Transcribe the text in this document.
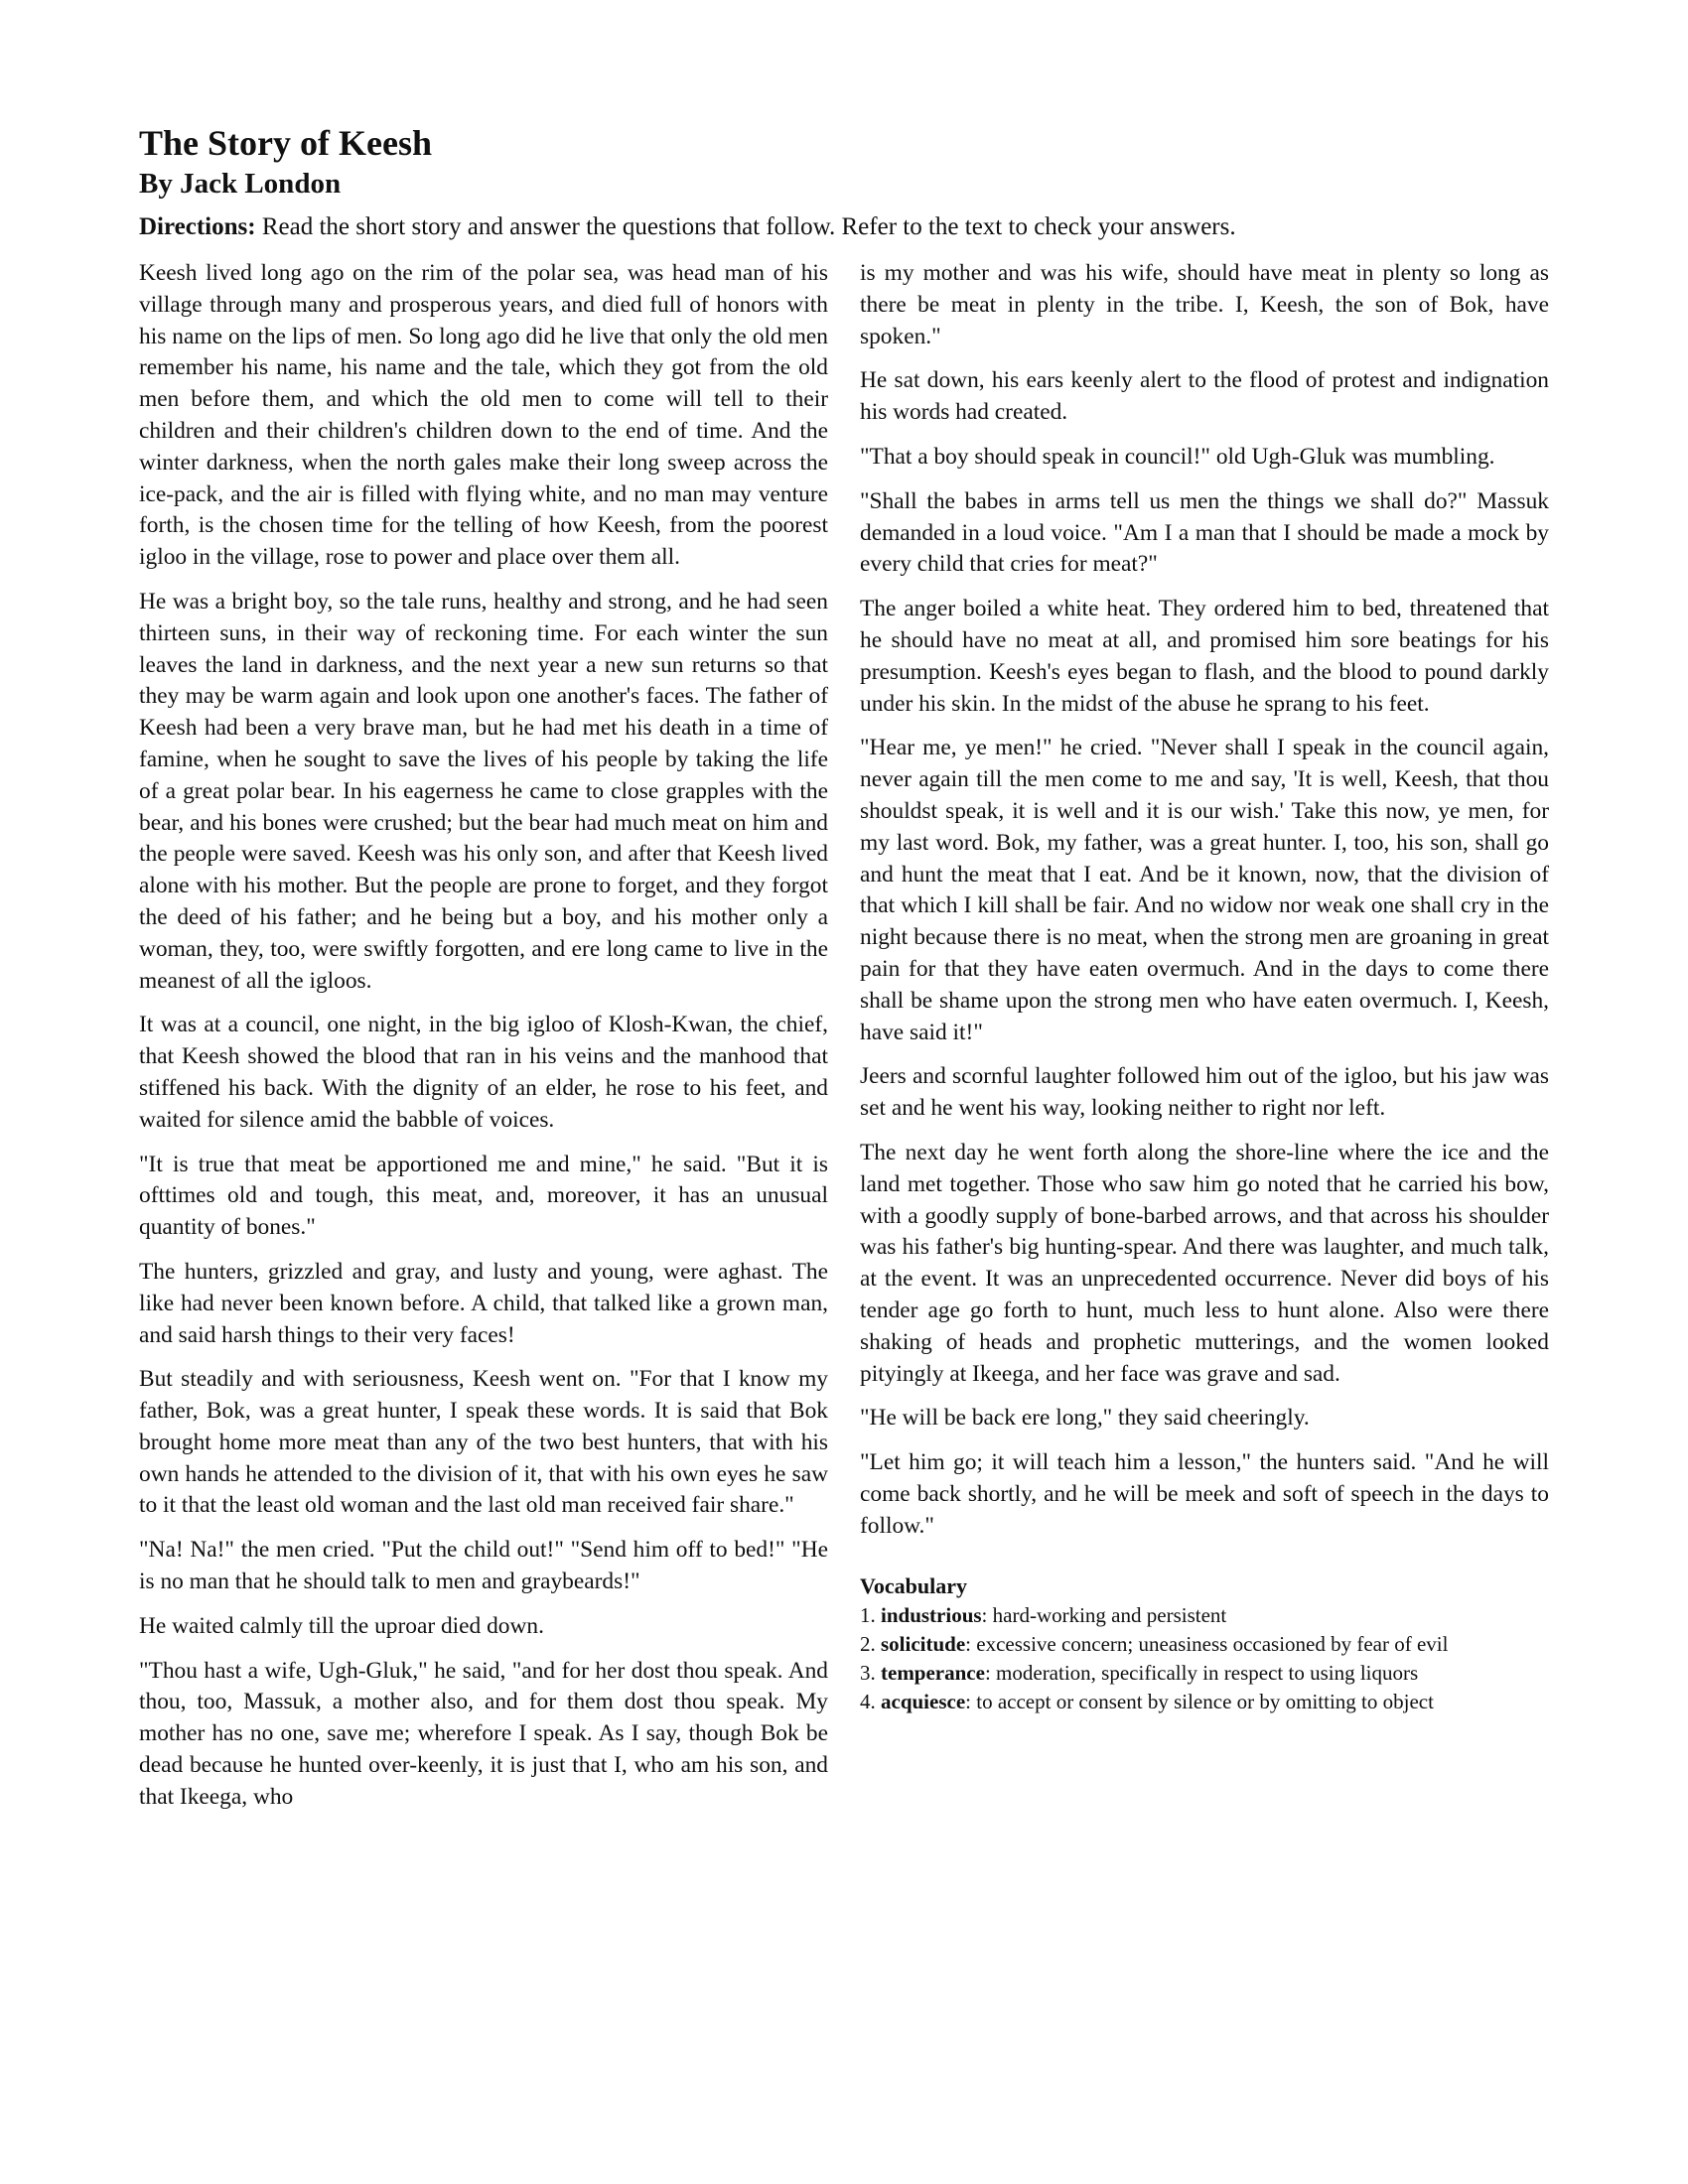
The Story of Keesh
By Jack London
Directions: Read the short story and answer the questions that follow. Refer to the text to check your answers.

Keesh lived long ago on the rim of the polar sea, was head man of his village through many and prosperous years, and died full of honors with his name on the lips of men. So long ago did he live that only the old men remember his name, his name and the tale, which they got from the old men before them, and which the old men to come will tell to their children and their children's children down to the end of time. And the winter darkness, when the north gales make their long sweep across the ice-pack, and the air is filled with flying white, and no man may venture forth, is the chosen time for the telling of how Keesh, from the poorest igloo in the village, rose to power and place over them all.

He was a bright boy, so the tale runs, healthy and strong, and he had seen thirteen suns, in their way of reckoning time. For each winter the sun leaves the land in darkness, and the next year a new sun returns so that they may be warm again and look upon one another's faces. The father of Keesh had been a very brave man, but he had met his death in a time of famine, when he sought to save the lives of his people by taking the life of a great polar bear. In his eagerness he came to close grapples with the bear, and his bones were crushed; but the bear had much meat on him and the people were saved. Keesh was his only son, and after that Keesh lived alone with his mother. But the people are prone to forget, and they forgot the deed of his father; and he being but a boy, and his mother only a woman, they, too, were swiftly forgotten, and ere long came to live in the meanest of all the igloos.

It was at a council, one night, in the big igloo of Klosh-Kwan, the chief, that Keesh showed the blood that ran in his veins and the manhood that stiffened his back. With the dignity of an elder, he rose to his feet, and waited for silence amid the babble of voices.

"It is true that meat be apportioned me and mine," he said. "But it is ofttimes old and tough, this meat, and, moreover, it has an unusual quantity of bones."

The hunters, grizzled and gray, and lusty and young, were aghast. The like had never been known before. A child, that talked like a grown man, and said harsh things to their very faces!

But steadily and with seriousness, Keesh went on. "For that I know my father, Bok, was a great hunter, I speak these words. It is said that Bok brought home more meat than any of the two best hunters, that with his own hands he attended to the division of it, that with his own eyes he saw to it that the least old woman and the last old man received fair share."

"Na! Na!" the men cried. "Put the child out!" "Send him off to bed!" "He is no man that he should talk to men and graybeards!"

He waited calmly till the uproar died down.

"Thou hast a wife, Ugh-Gluk," he said, "and for her dost thou speak. And thou, too, Massuk, a mother also, and for them dost thou speak. My mother has no one, save me; wherefore I speak. As I say, though Bok be dead because he hunted over-keenly, it is just that I, who am his son, and that Ikeega, who

is my mother and was his wife, should have meat in plenty so long as there be meat in plenty in the tribe. I, Keesh, the son of Bok, have spoken."

He sat down, his ears keenly alert to the flood of protest and indignation his words had created.

"That a boy should speak in council!" old Ugh-Gluk was mumbling.

"Shall the babes in arms tell us men the things we shall do?" Massuk demanded in a loud voice. "Am I a man that I should be made a mock by every child that cries for meat?"

The anger boiled a white heat. They ordered him to bed, threatened that he should have no meat at all, and promised him sore beatings for his presumption. Keesh's eyes began to flash, and the blood to pound darkly under his skin. In the midst of the abuse he sprang to his feet.

"Hear me, ye men!" he cried. "Never shall I speak in the council again, never again till the men come to me and say, 'It is well, Keesh, that thou shouldst speak, it is well and it is our wish.' Take this now, ye men, for my last word. Bok, my father, was a great hunter. I, too, his son, shall go and hunt the meat that I eat. And be it known, now, that the division of that which I kill shall be fair. And no widow nor weak one shall cry in the night because there is no meat, when the strong men are groaning in great pain for that they have eaten overmuch. And in the days to come there shall be shame upon the strong men who have eaten overmuch. I, Keesh, have said it!"

Jeers and scornful laughter followed him out of the igloo, but his jaw was set and he went his way, looking neither to right nor left.

The next day he went forth along the shore-line where the ice and the land met together. Those who saw him go noted that he carried his bow, with a goodly supply of bone-barbed arrows, and that across his shoulder was his father's big hunting-spear. And there was laughter, and much talk, at the event. It was an unprecedented occurrence. Never did boys of his tender age go forth to hunt, much less to hunt alone. Also were there shaking of heads and prophetic mutterings, and the women looked pityingly at Ikeega, and her face was grave and sad.

"He will be back ere long," they said cheeringly.

"Let him go; it will teach him a lesson," the hunters said. "And he will come back shortly, and he will be meek and soft of speech in the days to follow."

Vocabulary
1. industrious: hard-working and persistent
2. solicitude: excessive concern; uneasiness occasioned by fear of evil
3. temperance: moderation, specifically in respect to using liquors
4. acquiesce: to accept or consent by silence or by omitting to object
